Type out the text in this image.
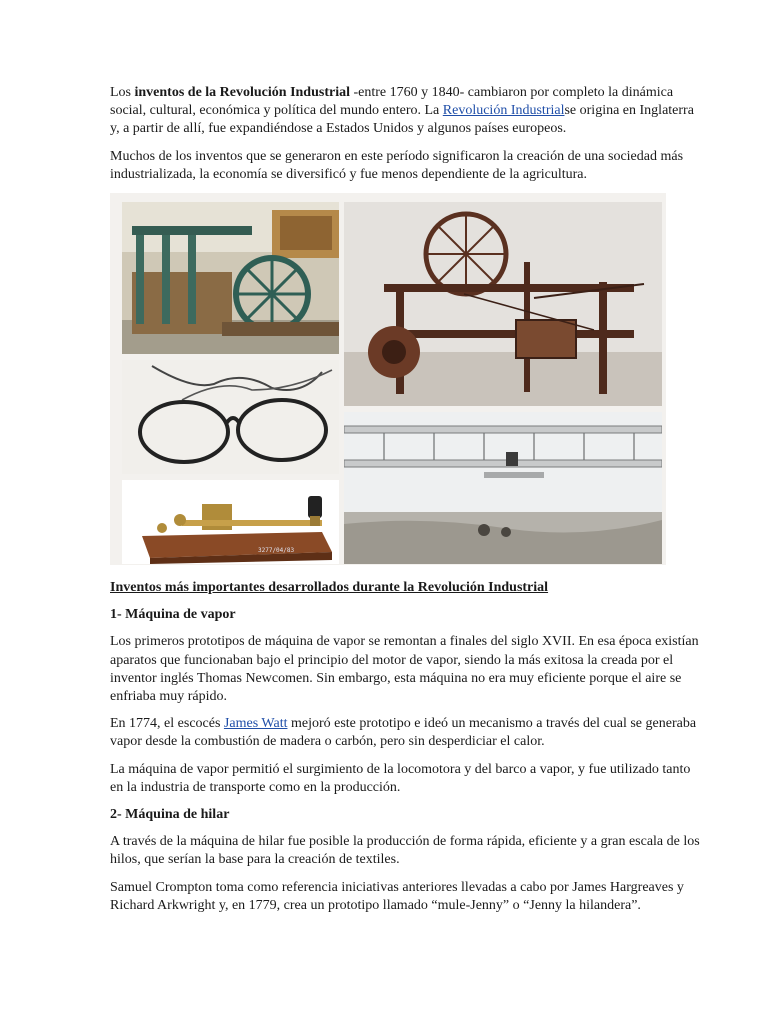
Los inventos de la Revolución Industrial -entre 1760 y 1840- cambiaron por completo la dinámica social, cultural, económica y política del mundo entero. La Revolución Industrialse origina en Inglaterra y, a partir de allí, fue expandiéndose a Estados Unidos y algunos países europeos.

Muchos de los inventos que se generaron en este período significaron la creación de una sociedad más industrializada, la economía se diversificó y fue menos dependiente de la agricultura.

3277/04/83

Inventos más importantes desarrollados durante la Revolución Industrial

1- Máquina de vapor

Los primeros prototipos de máquina de vapor se remontan a finales del siglo XVII. En esa época existían aparatos que funcionaban bajo el principio del motor de vapor, siendo la más exitosa la creada por el inventor inglés Thomas Newcomen. Sin embargo, esta máquina no era muy eficiente porque el aire se enfriaba muy rápido.

En 1774, el escocés James Watt mejoró este prototipo e ideó un mecanismo a través del cual se generaba vapor desde la combustión de madera o carbón, pero sin desperdiciar el calor.

La máquina de vapor permitió el surgimiento de la locomotora y del barco a vapor, y fue utilizado tanto en la industria de transporte como en la producción.

2- Máquina de hilar

A través de la máquina de hilar fue posible la producción de forma rápida, eficiente y a gran escala de los hilos, que serían la base para la creación de textiles.

Samuel Crompton toma como referencia iniciativas anteriores llevadas a cabo por James Hargreaves y Richard Arkwright y, en 1779, crea un prototipo llamado “mule-Jenny” o “Jenny la hilandera”.
